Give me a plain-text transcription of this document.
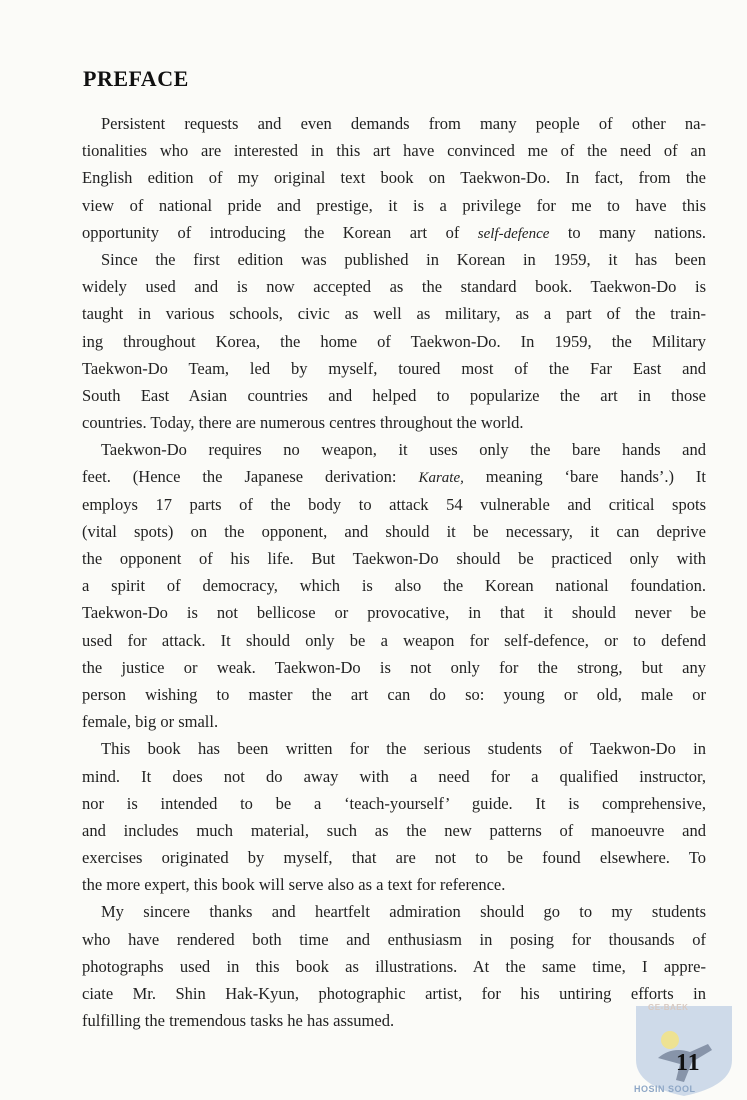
PREFACE
Persistent requests and even demands from many people of other na-
tionalities who are interested in this art have convinced me of the need of an
English edition of my original text book on Taekwon-Do. In fact, from the
view of national pride and prestige, it is a privilege for me to have this
opportunity of introducing the Korean art of self-defence to many nations.
Since the first edition was published in Korean in 1959, it has been
widely used and is now accepted as the standard book. Taekwon-Do is
taught in various schools, civic as well as military, as a part of the train-
ing throughout Korea, the home of Taekwon-Do. In 1959, the Military
Taekwon-Do Team, led by myself, toured most of the Far East and
South East Asian countries and helped to popularize the art in those
countries. Today, there are numerous centres throughout the world.
Taekwon-Do requires no weapon, it uses only the bare hands and
feet. (Hence the Japanese derivation: Karate, meaning ‘bare hands’.) It
employs 17 parts of the body to attack 54 vulnerable and critical spots
(vital spots) on the opponent, and should it be necessary, it can deprive
the opponent of his life. But Taekwon-Do should be practiced only with
a spirit of democracy, which is also the Korean national foundation.
Taekwon-Do is not bellicose or provocative, in that it should never be
used for attack. It should only be a weapon for self-defence, or to defend
the justice or weak. Taekwon-Do is not only for the strong, but any
person wishing to master the art can do so: young or old, male or
female, big or small.
This book has been written for the serious students of Taekwon-Do in
mind. It does not do away with a need for a qualified instructor,
nor is intended to be a ‘teach-yourself’ guide. It is comprehensive,
and includes much material, such as the new patterns of manoeuvre and
exercises originated by myself, that are not to be found elsewhere. To
the more expert, this book will serve also as a text for reference.
My sincere thanks and heartfelt admiration should go to my students
who have rendered both time and enthusiasm in posing for thousands of
photographs used in this book as illustrations. At the same time, I appre-
ciate Mr. Shin Hak-Kyun, photographic artist, for his untiring efforts in
fulfilling the tremendous tasks he has assumed.
GE-BAEK
HOSIN SOOL
11
